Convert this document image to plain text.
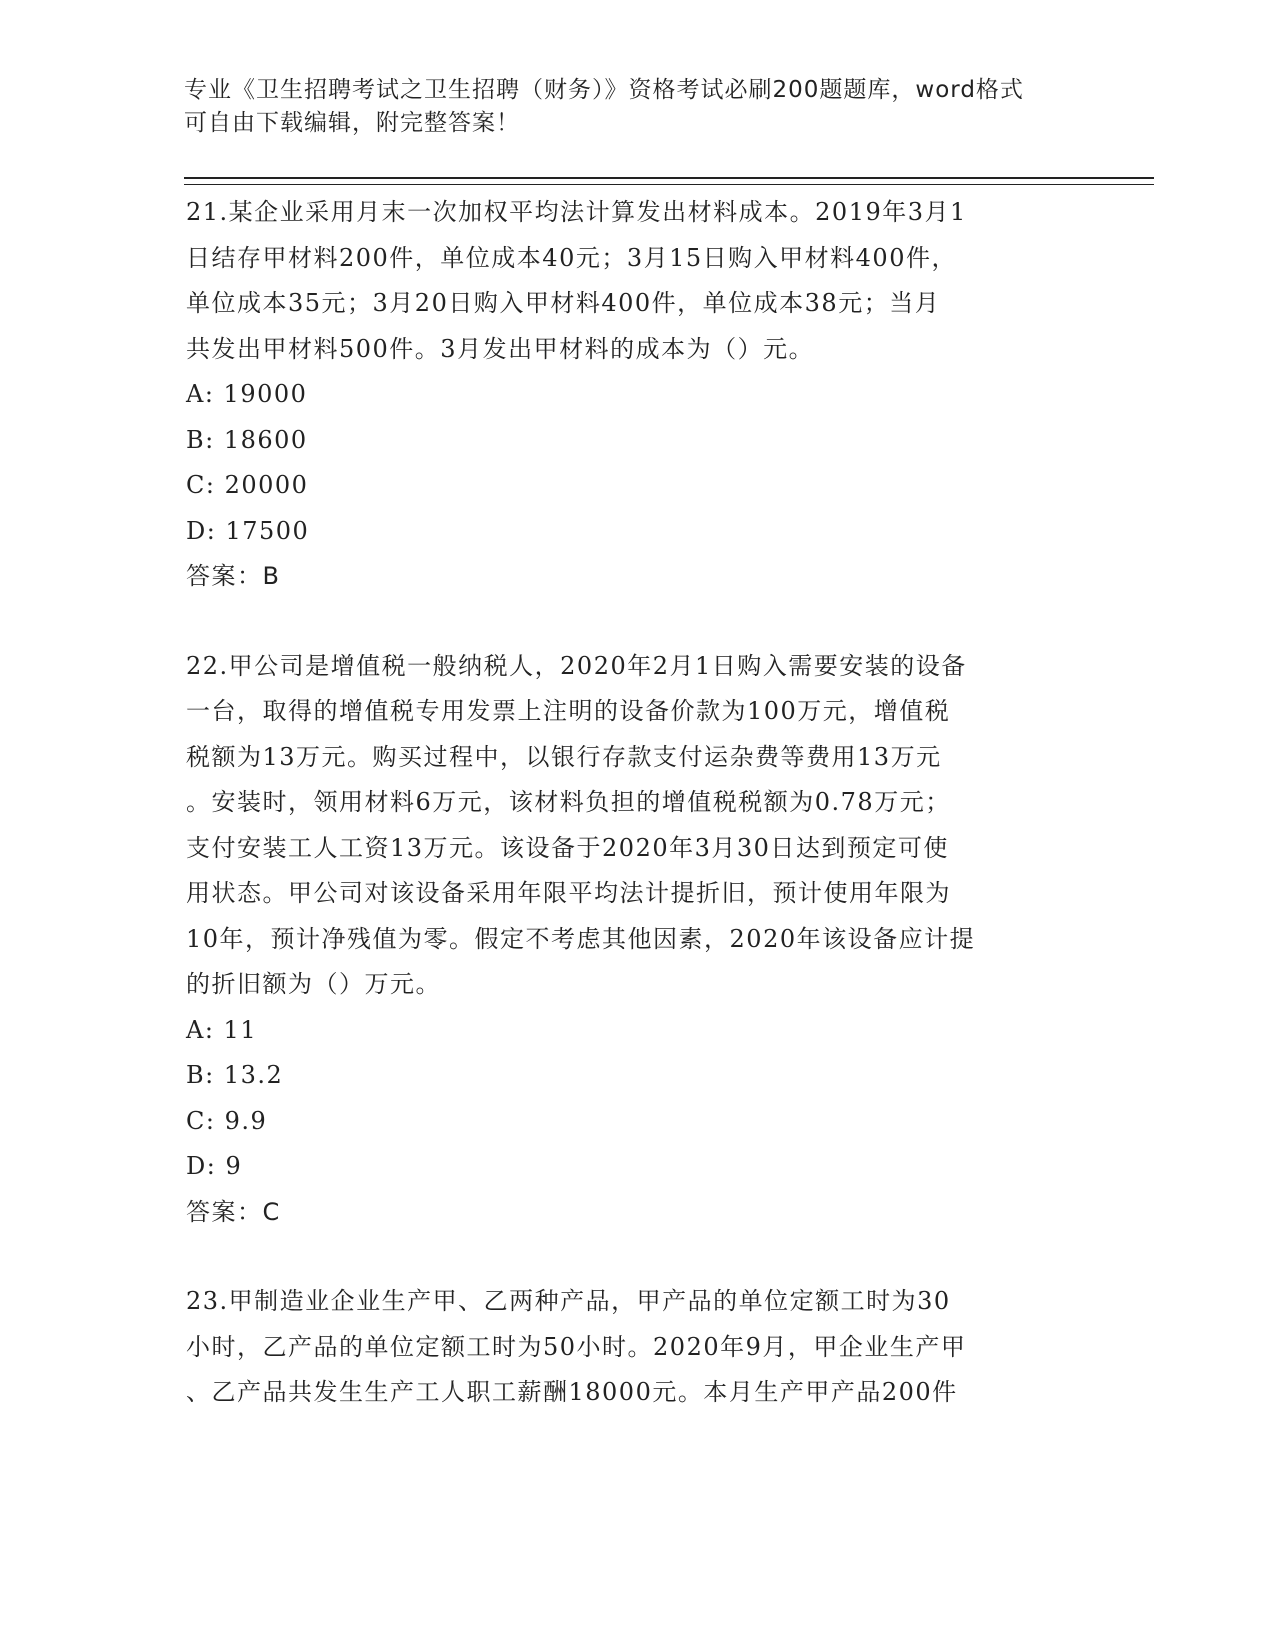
专业《卫生招聘考试之卫生招聘（财务）》资格考试必刷200题题库，word格式
可自由下载编辑，附完整答案！
21.某企业采用月末一次加权平均法计算发出材料成本。2019年3月1
日结存甲材料200件，单位成本40元；3月15日购入甲材料400件，
单位成本35元；3月20日购入甲材料400件，单位成本38元；当月
共发出甲材料500件。3月发出甲材料的成本为（）元。
A: 19000
B: 18600
C: 20000
D: 17500
答案：B
22.甲公司是增值税一般纳税人，2020年2月1日购入需要安装的设备
一台，取得的增值税专用发票上注明的设备价款为100万元，增值税
税额为13万元。购买过程中，以银行存款支付运杂费等费用13万元
。安装时，领用材料6万元，该材料负担的增值税税额为0.78万元；
支付安装工人工资13万元。该设备于2020年3月30日达到预定可使
用状态。甲公司对该设备采用年限平均法计提折旧，预计使用年限为
10年，预计净残值为零。假定不考虑其他因素，2020年该设备应计提
的折旧额为（）万元。
A: 11
B: 13.2
C: 9.9
D: 9
答案：C
23.甲制造业企业生产甲、乙两种产品，甲产品的单位定额工时为30
小时，乙产品的单位定额工时为50小时。2020年9月，甲企业生产甲
、乙产品共发生生产工人职工薪酬18000元。本月生产甲产品200件
